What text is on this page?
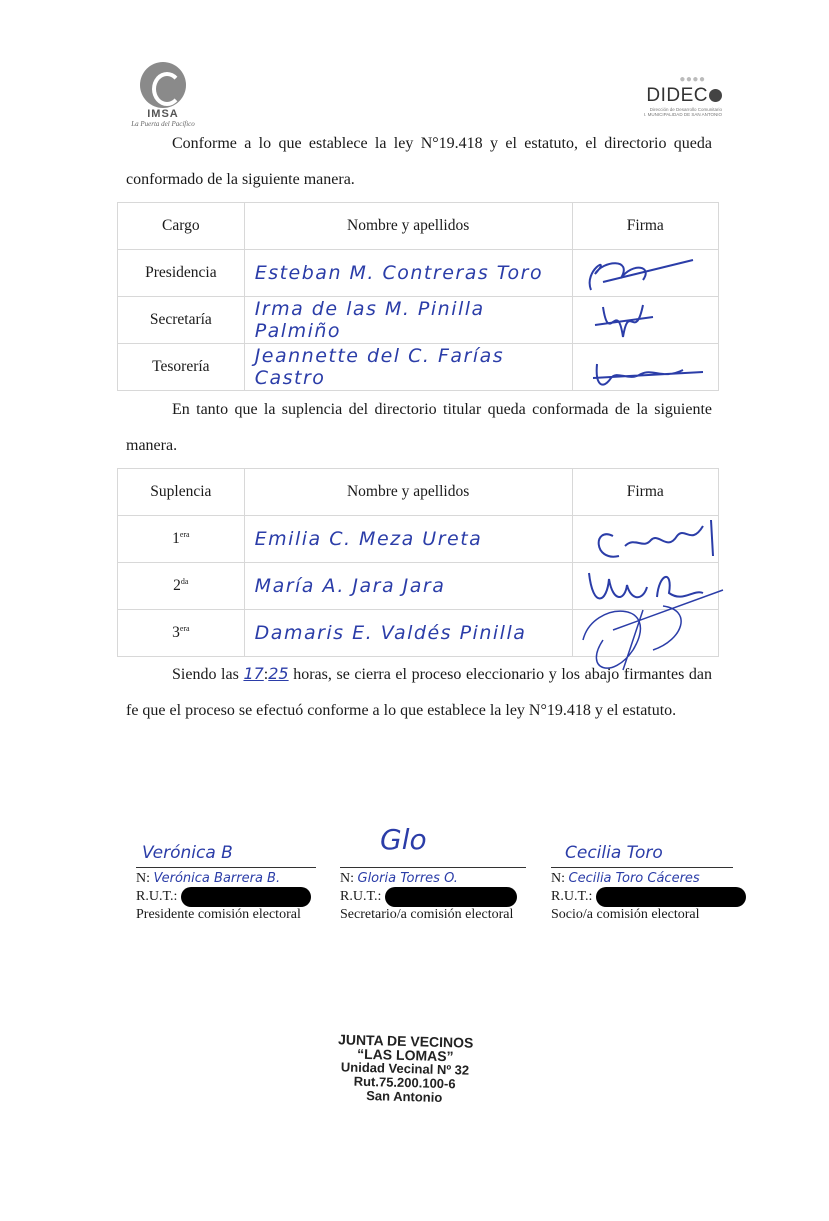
IMSA
La Puerta del Pacífico
● ● ● ●
DIDEC
Dirección de Desarrollo Comunitario
I. MUNICIPALIDAD DE SAN ANTONIO
Conforme a lo que establece la ley N°19.418 y el estatuto, el directorio queda conformado de la siguiente manera.
Cargo	Nombre y apellidos	Firma
Presidencia	Esteban M. Contreras Toro	

Secretaría	Irma de las M. Pinilla Palmiño	

Tesorería	Jeannette del C. Farías Castro	
En tanto que la suplencia del directorio titular queda conformada de la siguiente manera.
Suplencia	Nombre y apellidos	Firma
$1^{era}$	Emilia C. Meza Ureta	

$2^{da}$	María A. Jara Jara	

$3^{era}$	Damaris E. Valdés Pinilla	
Siendo las 17:25 horas, se cierra el proceso eleccionario y los abajo firmantes dan fe que el proceso se efectuó conforme a lo que establece la ley N°19.418 y el estatuto.
Verónica B
N: Verónica Barrera B.
R.U.T.:
Presidente comisión electoral
Glo
N: Gloria Torres O.
R.U.T.:
Secretario/a comisión electoral
Cecilia Toro
N: Cecilia Toro Cáceres
R.U.T.:
Socio/a comisión electoral
JUNTA DE VECINOS
“LAS LOMAS”
Unidad Vecinal Nº 32
Rut.75.200.100-6
San Antonio
